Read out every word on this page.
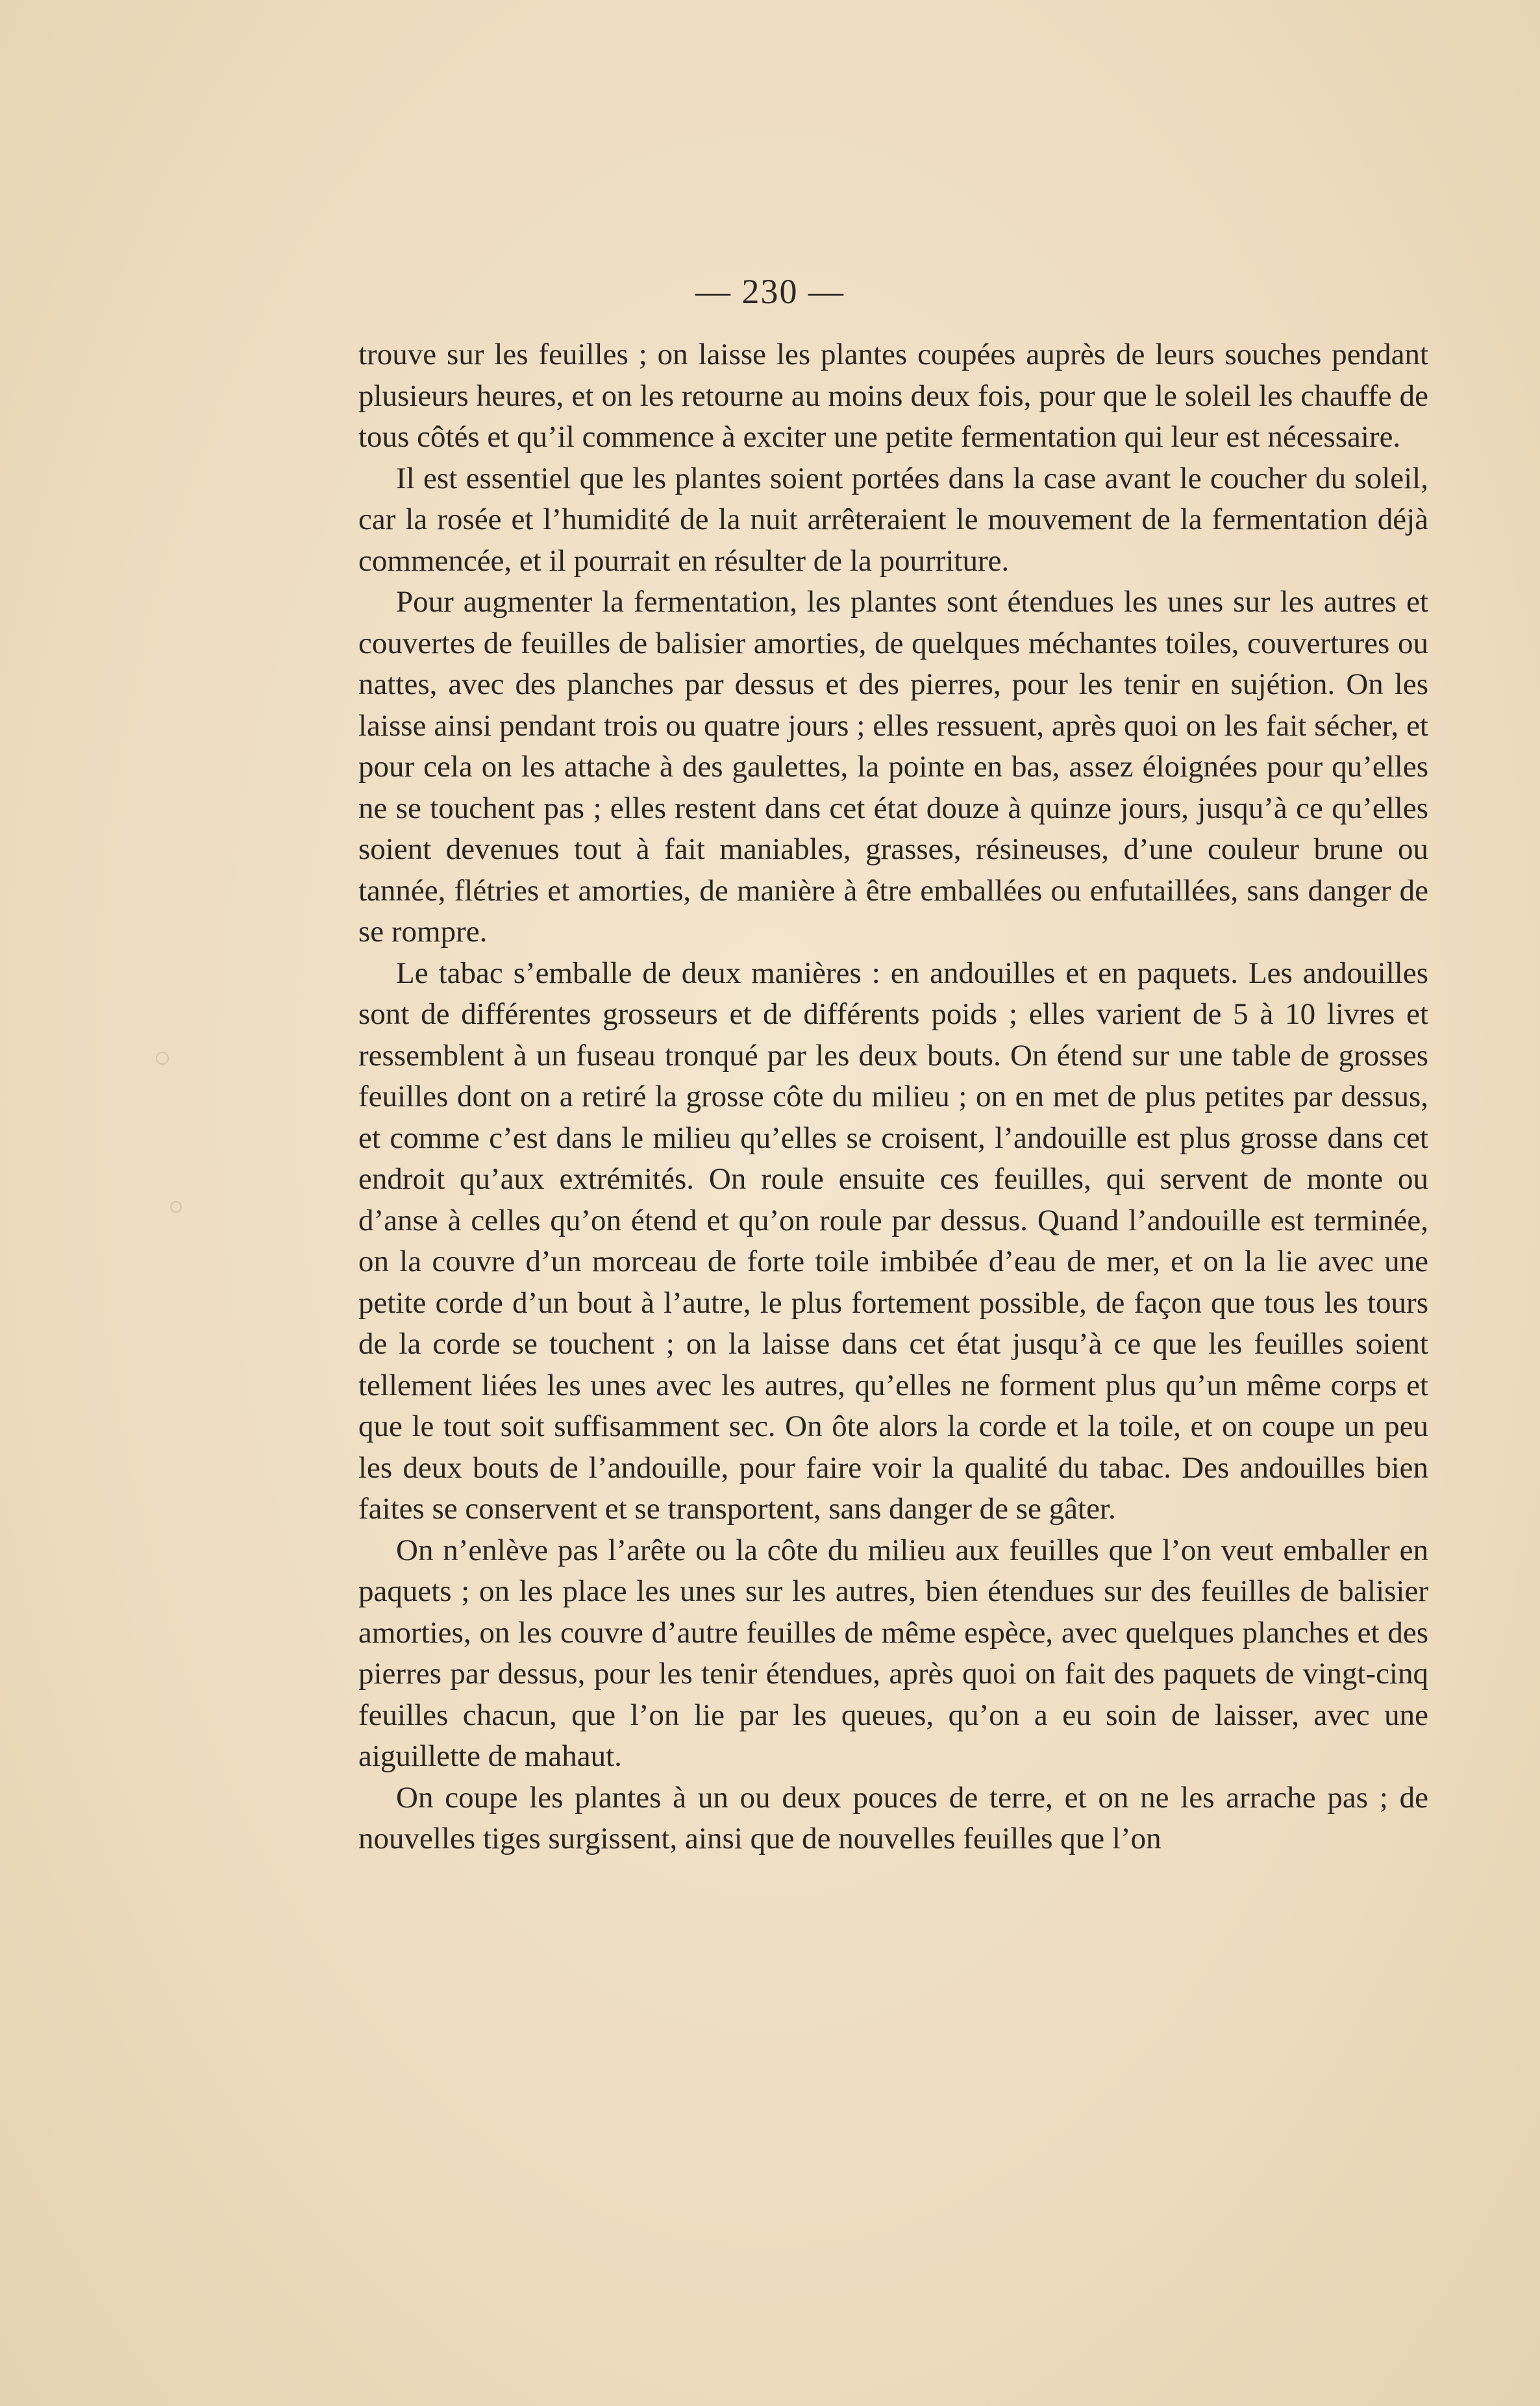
— 230 —

trouve sur les feuilles ; on laisse les plantes coupées auprès de leurs souches pendant plusieurs heures, et on les retourne au moins deux fois, pour que le soleil les chauffe de tous côtés et qu’il commence à exciter une petite fermentation qui leur est nécessaire.

Il est essentiel que les plantes soient portées dans la case avant le coucher du soleil, car la rosée et l’humidité de la nuit arrêteraient le mouvement de la fermentation déjà commencée, et il pourrait en résulter de la pourriture.

Pour augmenter la fermentation, les plantes sont étendues les unes sur les autres et couvertes de feuilles de balisier amorties, de quelques méchantes toiles, couvertures ou nattes, avec des planches par dessus et des pierres, pour les tenir en sujétion. On les laisse ainsi pendant trois ou quatre jours ; elles ressuent, après quoi on les fait sécher, et pour cela on les attache à des gaulettes, la pointe en bas, assez éloignées pour qu’elles ne se touchent pas ; elles restent dans cet état douze à quinze jours, jusqu’à ce qu’elles soient devenues tout à fait maniables, grasses, résineuses, d’une couleur brune ou tannée, flétries et amorties, de manière à être emballées ou enfutaillées, sans danger de se rompre.

Le tabac s’emballe de deux manières : en andouilles et en paquets. Les andouilles sont de différentes grosseurs et de différents poids ; elles varient de 5 à 10 livres et ressemblent à un fuseau tronqué par les deux bouts. On étend sur une table de grosses feuilles dont on a retiré la grosse côte du milieu ; on en met de plus petites par dessus, et comme c’est dans le milieu qu’elles se croisent, l’andouille est plus grosse dans cet endroit qu’aux extrémités. On roule ensuite ces feuilles, qui servent de monte ou d’anse à celles qu’on étend et qu’on roule par dessus. Quand l’andouille est terminée, on la couvre d’un morceau de forte toile imbibée d’eau de mer, et on la lie avec une petite corde d’un bout à l’autre, le plus fortement possible, de façon que tous les tours de la corde se touchent ; on la laisse dans cet état jusqu’à ce que les feuilles soient tellement liées les unes avec les autres, qu’elles ne forment plus qu’un même corps et que le tout soit suffisamment sec. On ôte alors la corde et la toile, et on coupe un peu les deux bouts de l’andouille, pour faire voir la qualité du tabac. Des andouilles bien faites se conservent et se transportent, sans danger de se gâter.

On n’enlève pas l’arête ou la côte du milieu aux feuilles que l’on veut emballer en paquets ; on les place les unes sur les autres, bien étendues sur des feuilles de balisier amorties, on les couvre d’autre feuilles de même espèce, avec quelques planches et des pierres par dessus, pour les tenir étendues, après quoi on fait des paquets de vingt-cinq feuilles chacun, que l’on lie par les queues, qu’on a eu soin de laisser, avec une aiguillette de mahaut.

On coupe les plantes à un ou deux pouces de terre, et on ne les arrache pas ; de nouvelles tiges surgissent, ainsi que de nouvelles feuilles que l’on
